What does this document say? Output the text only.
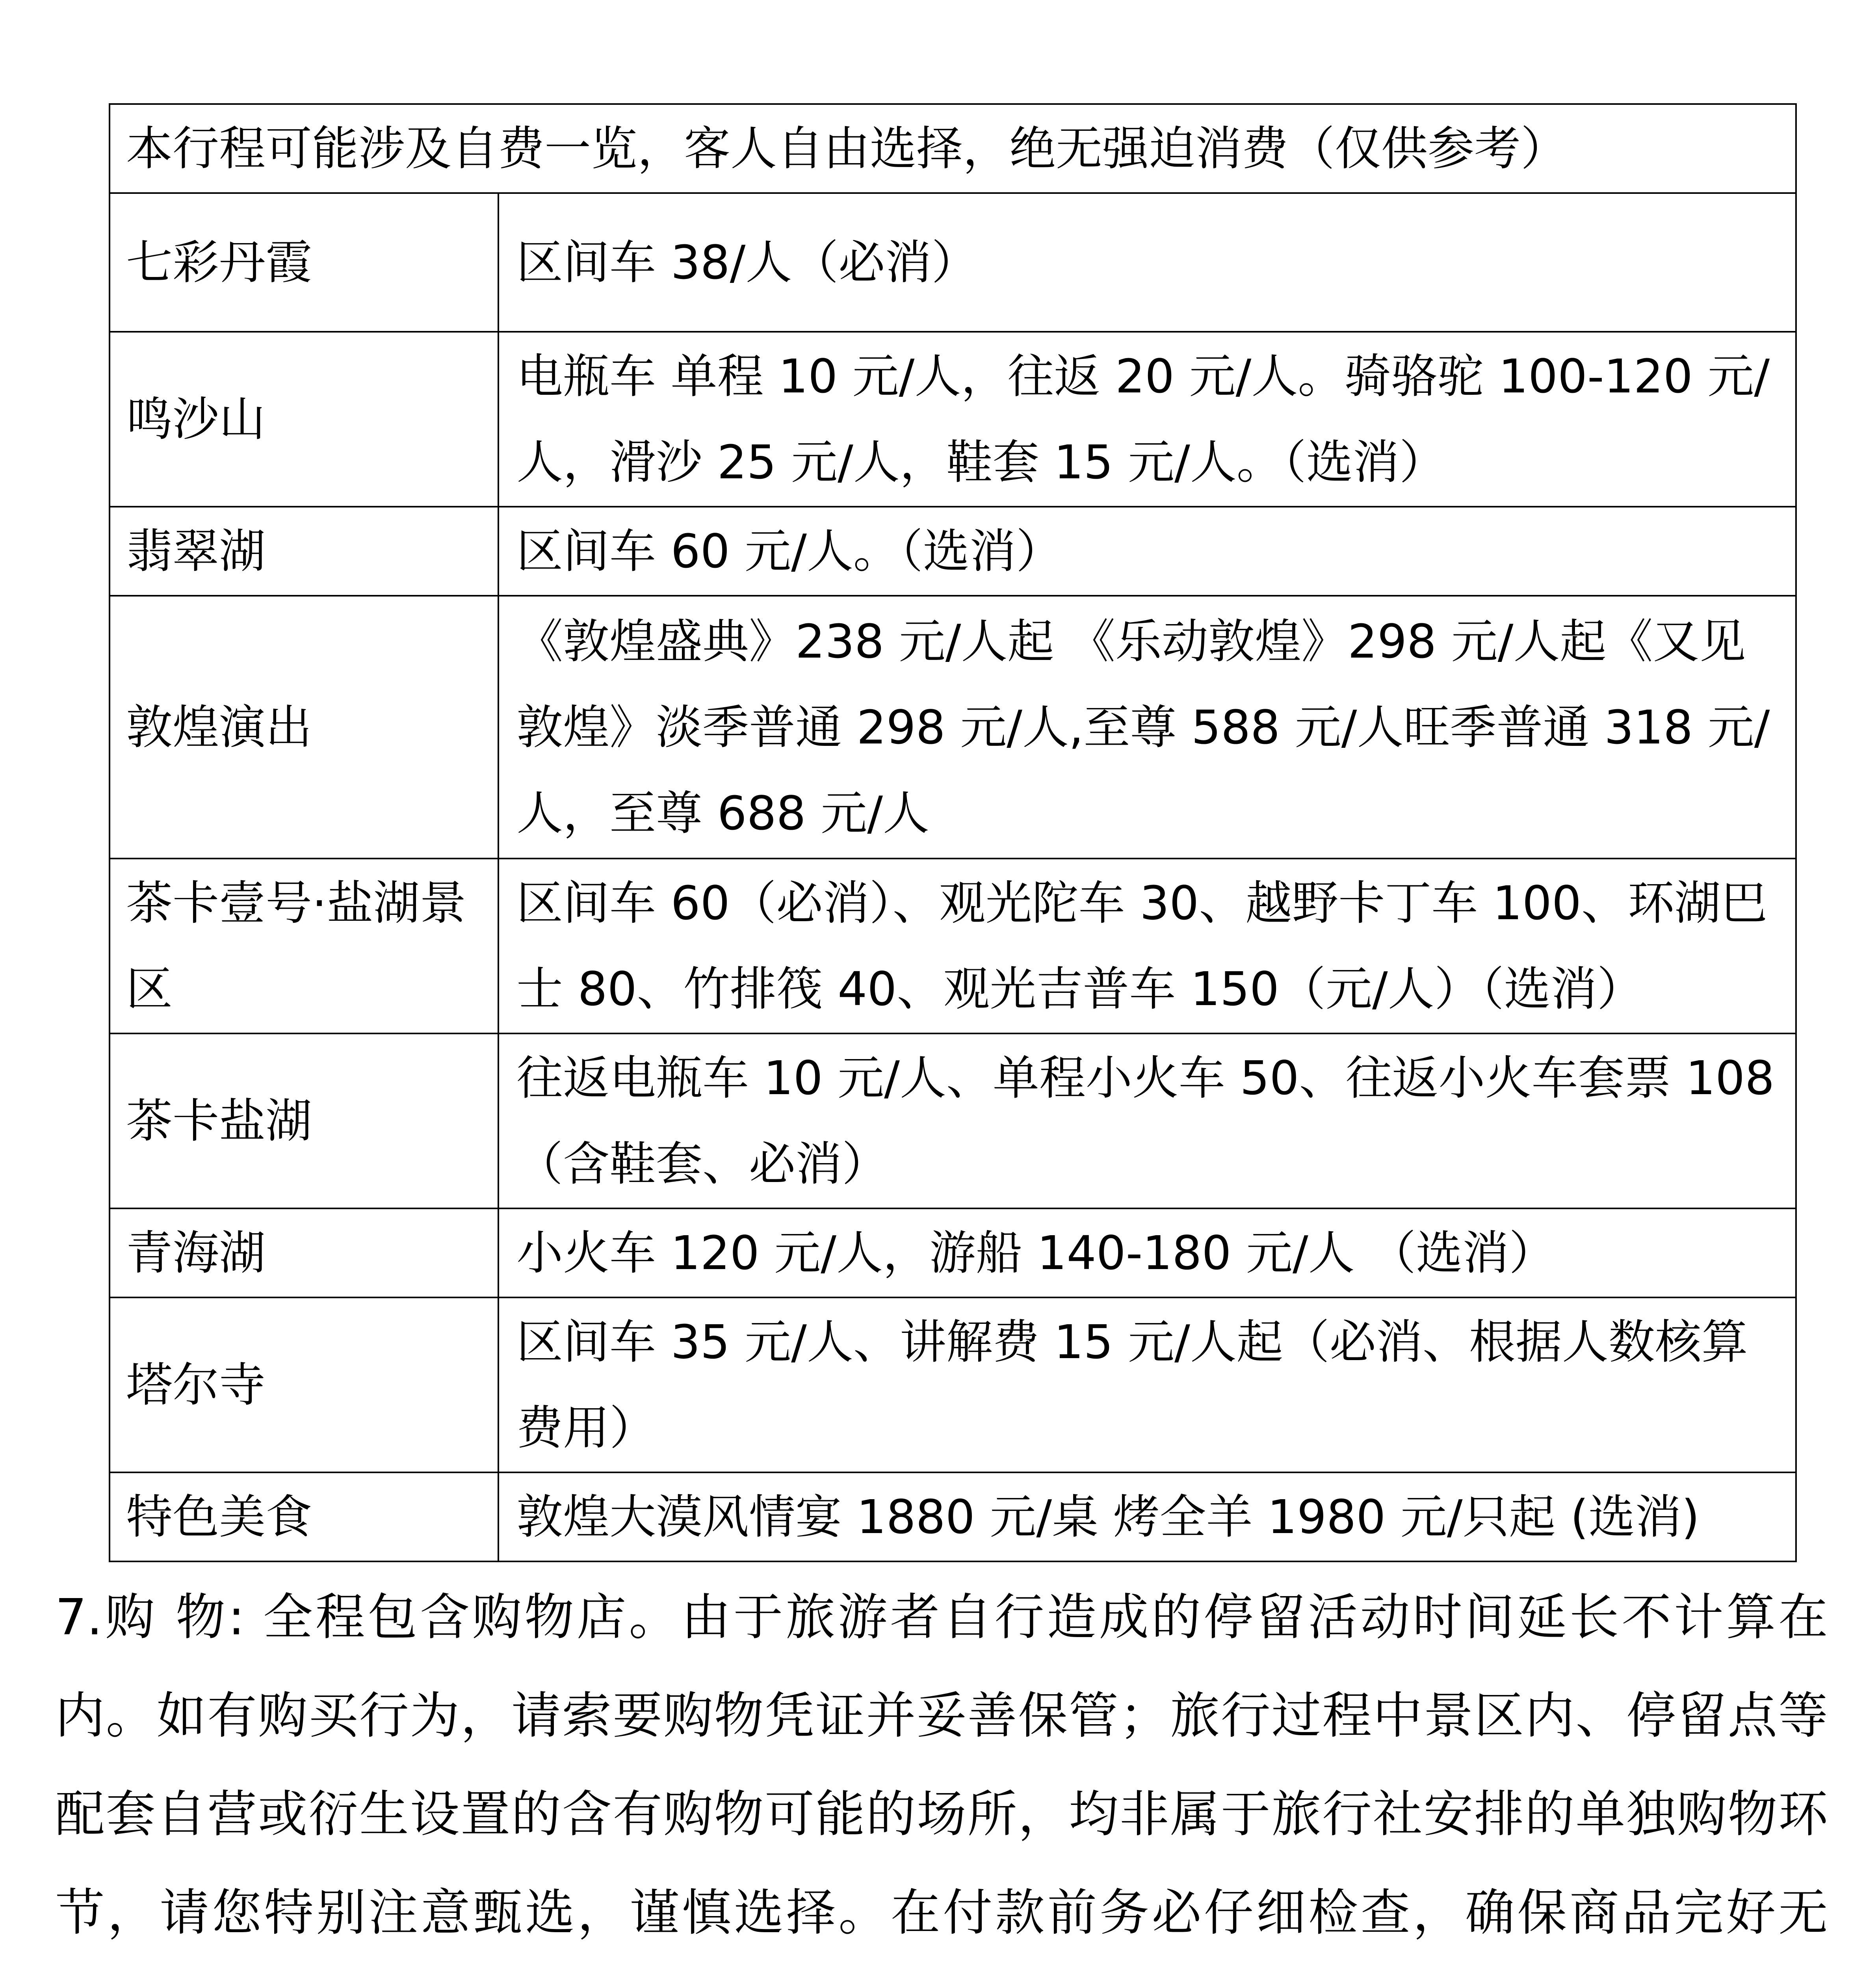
本行程可能涉及自费一览，客人自由选择，绝无强迫消费（仅供参考）	
七彩丹霞	区间车 38/人（必消）
鸣沙山	电瓶车 单程 10 元/人，往返 20 元/人。骑骆驼 100-120 元/人，滑沙 25 元/人，鞋套 15 元/人。（选消）
翡翠湖	区间车 60 元/人。（选消）
敦煌演出	《敦煌盛典》238 元/人起 《乐动敦煌》298 元/人起《又见敦煌》淡季普通 298 元/人,至尊 588 元/人旺季普通 318 元/人，至尊 688 元/人
茶卡壹号·盐湖景区	区间车 60（必消）、观光陀车 30、越野卡丁车 100、环湖巴士 80、竹排筏 40、观光吉普车 150（元/人）（选消）
茶卡盐湖	往返电瓶车 10 元/人、单程小火车 50、往返小火车套票 108（含鞋套、必消）
青海湖	小火车 120 元/人，游船 140-180 元/人 （选消）
塔尔寺	区间车 35 元/人、讲解费 15 元/人起（必消、根据人数核算费用）
特色美食	敦煌大漠风情宴 1880 元/桌 烤全羊 1980 元/只起 (选消)

7.购 物: 全程包含购物店。由于旅游者自行造成的停留活动时间延长不计算在内。如有购买行为，请索要购物凭证并妥善保管；旅行过程中景区内、停留点等配套自营或衍生设置的含有购物可能的场所，均非属于旅行社安排的单独购物环节，请您特别注意甄选，谨慎选择。在付款前务必仔细检查，确保商品完好无
